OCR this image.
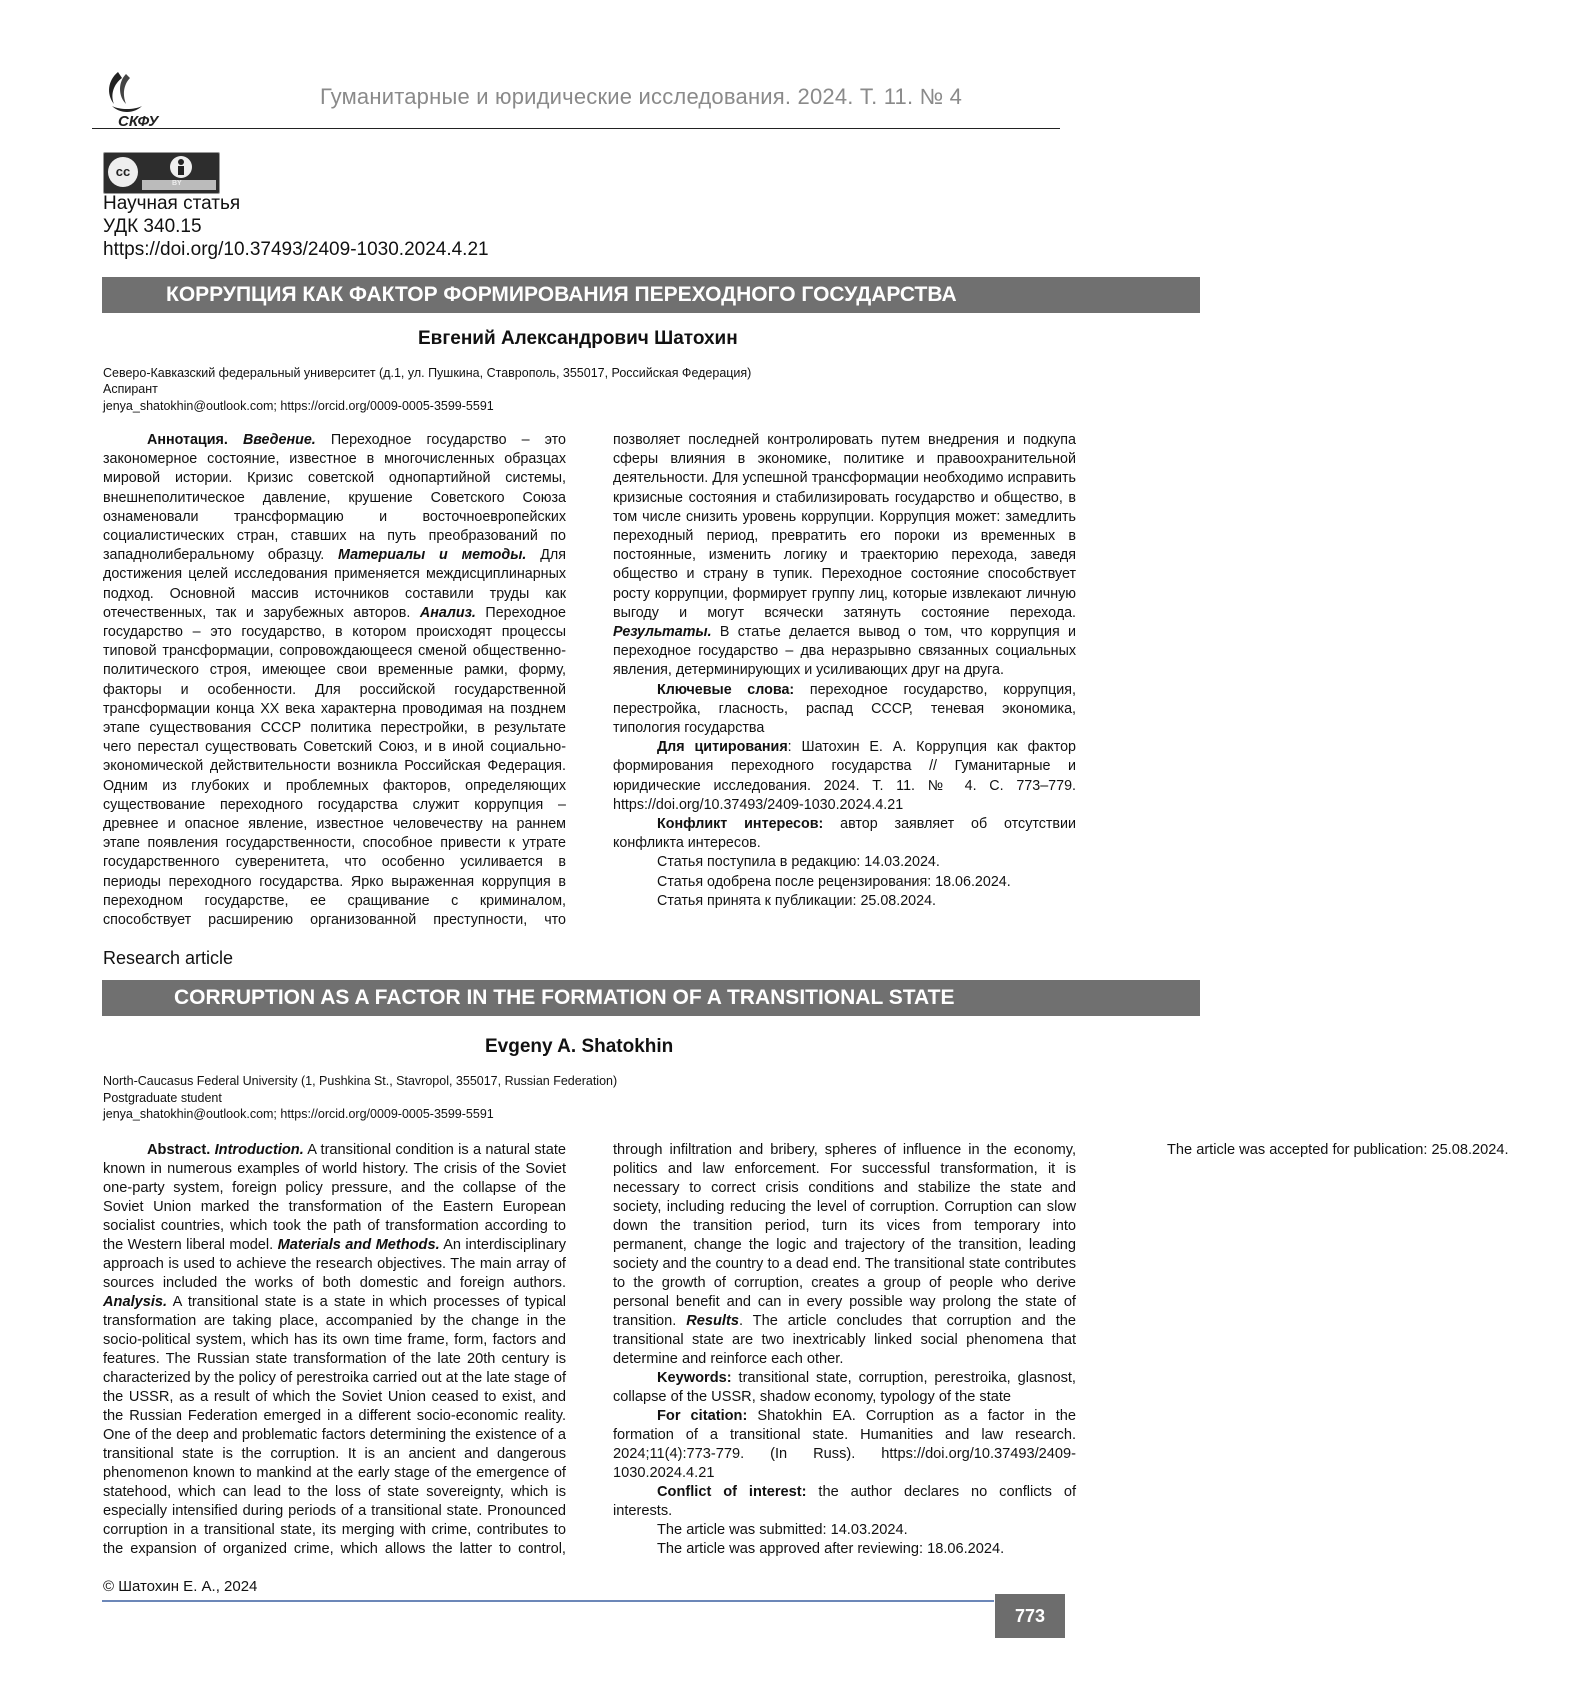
СКФУ
Гуманитарные и юридические исследования. 2024. Т. 11. № 4
cc
BY
Научная статья
УДК 340.15
https://doi.org/10.37493/2409-1030.2024.4.21
КОРРУПЦИЯ КАК ФАКТОР ФОРМИРОВАНИЯ ПЕРЕХОДНОГО ГОСУДАРСТВА
Евгений Александрович Шатохин
Северо-Кавказский федеральный университет (д.1, ул. Пушкина, Ставрополь, 355017, Российская Федерация)
Аспирант
jenya_shatokhin@outlook.com; https://orcid.org/0009-0005-3599-5591

Аннотация. Введение. Переходное государство – это закономерное состояние, известное в многочисленных образцах мировой истории. Кризис советской однопартийной системы, внешнеполитическое давление, крушение Советского Союза ознаменовали трансформацию и восточноевропейских социалистических стран, ставших на путь преобразований по западнолиберальному образцу. Материалы и методы. Для достижения целей исследования применяется междисциплинарных подход. Основной массив источников составили труды как отечественных, так и зарубежных авторов. Анализ. Переходное государство – это государство, в котором происходят процессы типовой трансформации, сопровождающееся сменой общественно-политического строя, имеющее свои временные рамки, форму, факторы и особенности. Для российской государственной трансформации конца XX века характерна проводимая на позднем этапе существования СССР политика перестройки, в результате чего перестал существовать Советский Союз, и в иной социально-экономической действительности возникла Российская Федерация. Одним из глубоких и проблемных факторов, определяющих существование переходного государства служит коррупция – древнее и опасное явление, известное человечеству на раннем этапе появления государственности, способное привести к утрате государственного суверенитета, что особенно усиливается в периоды переходного государства. Ярко выраженная коррупция в переходном государстве, ее сращивание с криминалом, способствует расширению организованной преступности, что позволяет последней контролировать путем внедрения и подкупа сферы влияния в экономике, политике и правоохранительной деятельности. Для успешной трансформации необходимо исправить кризисные состояния и стабилизировать государство и общество, в том числе снизить уровень коррупции. Коррупция может: замедлить переходный период, превратить его пороки из временных в постоянные, изменить логику и траекторию перехода, заведя общество и страну в тупик. Переходное состояние способствует росту коррупции, формирует группу лиц, которые извлекают личную выгоду и могут всячески затянуть состояние перехода. Результаты. В статье делается вывод о том, что коррупция и переходное государство – два неразрывно связанных социальных явления, детерминирующих и усиливающих друг на друга.

Ключевые слова: переходное государство, коррупция, перестройка, гласность, распад СССР, теневая экономика, типология государства

Для цитирования: Шатохин Е. А. Коррупция как фактор формирования переходного государства // Гуманитарные и юридические исследования. 2024. Т. 11. № 4. С. 773–779. https://doi.org/10.37493/2409-1030.2024.4.21

Конфликт интересов: автор заявляет об отсутствии конфликта интересов.

Статья поступила в редакцию: 14.03.2024.

Статья одобрена после рецензирования: 18.06.2024.

Статья принята к публикации: 25.08.2024.

Research article
CORRUPTION AS A FACTOR IN THE FORMATION OF A TRANSITIONAL STATE
Evgeny A. Shatokhin
North-Caucasus Federal University (1, Pushkina St., Stavropol, 355017, Russian Federation)
Postgraduate student
jenya_shatokhin@outlook.com; https://orcid.org/0009-0005-3599-5591

Abstract. Introduction. A transitional condition is a natural state known in numerous examples of world history. The crisis of the Soviet one-party system, foreign policy pressure, and the collapse of the Soviet Union marked the transformation of the Eastern European socialist countries, which took the path of transformation according to the Western liberal model. Materials and Methods. An interdisciplinary approach is used to achieve the research objectives. The main array of sources included the works of both domestic and foreign authors. Analysis. A transitional state is a state in which processes of typical transformation are taking place, accompanied by the change in the socio-political system, which has its own time frame, form, factors and features. The Russian state transformation of the late 20th century is characterized by the policy of perestroika carried out at the late stage of the USSR, as a result of which the Soviet Union ceased to exist, and the Russian Federation emerged in a different socio-economic reality. One of the deep and problematic factors determining the existence of a transitional state is the corruption. It is an ancient and dangerous phenomenon known to mankind at the early stage of the emergence of statehood, which can lead to the loss of state sovereignty, which is especially intensified during periods of a transitional state. Pronounced corruption in a transitional state, its merging with crime, contributes to the expansion of organized crime, which allows the latter to control, through infiltration and bribery, spheres of influence in the economy, politics and law enforcement. For successful transformation, it is necessary to correct crisis conditions and stabilize the state and society, including reducing the level of corruption. Corruption can slow down the transition period, turn its vices from temporary into permanent, change the logic and trajectory of the transition, leading society and the country to a dead end. The transitional state contributes to the growth of corruption, creates a group of people who derive personal benefit and can in every possible way prolong the state of transition. Results. The article concludes that corruption and the transitional state are two inextricably linked social phenomena that determine and reinforce each other.

Keywords: transitional state, corruption, perestroika, glasnost, collapse of the USSR, shadow economy, typology of the state

For citation: Shatokhin EA. Corruption as a factor in the formation of a transitional state. Humanities and law research. 2024;11(4):773-779. (In Russ). https://doi.org/10.37493/2409-1030.2024.4.21

Conflict of interest: the author declares no conflicts of interests.

The article was submitted: 14.03.2024.

The article was approved after reviewing: 18.06.2024.

The article was accepted for publication: 25.08.2024.

© Шатохин Е. А., 2024
773
